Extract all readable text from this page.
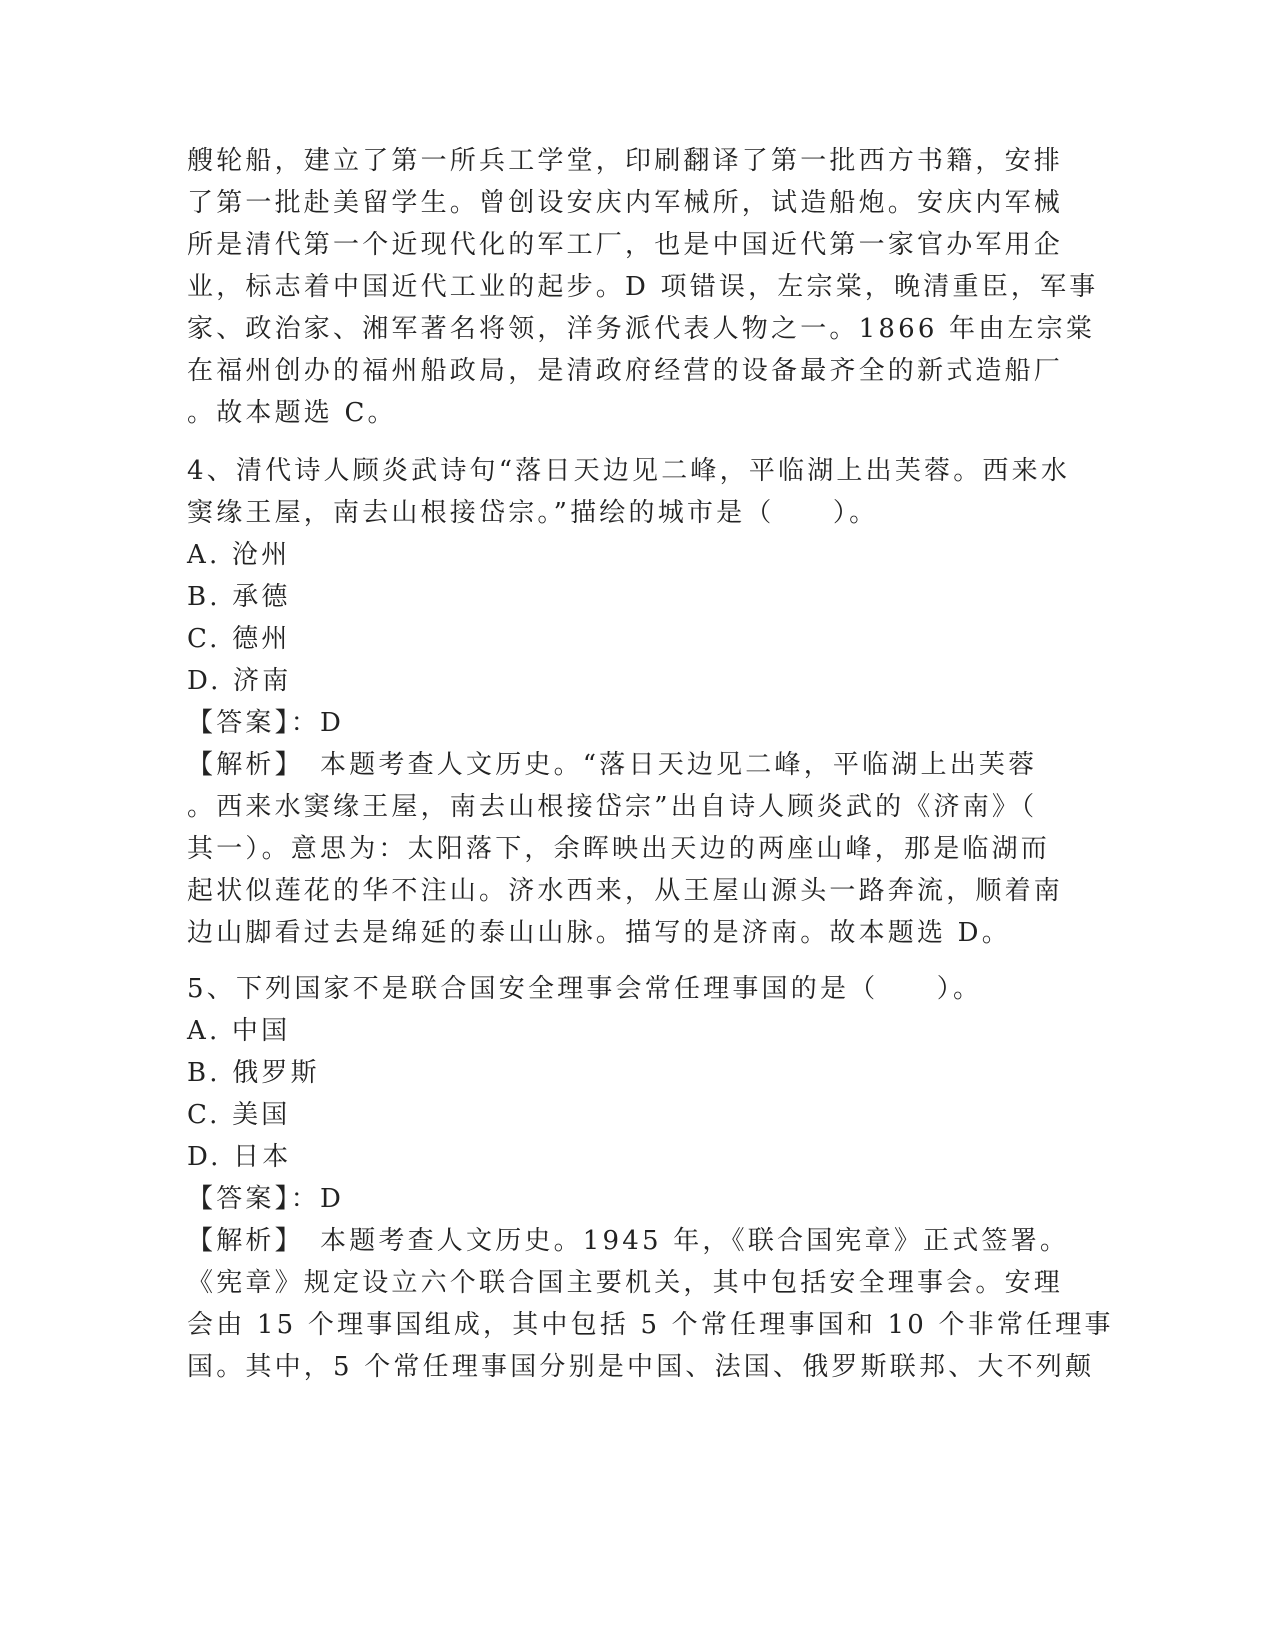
艘轮船，建立了第一所兵工学堂，印刷翻译了第一批西方书籍，安排
了第一批赴美留学生。曾创设安庆内军械所，试造船炮。安庆内军械
所是清代第一个近现代化的军工厂，也是中国近代第一家官办军用企
业，标志着中国近代工业的起步。D 项错误，左宗棠，晚清重臣，军事
家、政治家、湘军著名将领，洋务派代表人物之一。1866 年由左宗棠
在福州创办的福州船政局，是清政府经营的设备最齐全的新式造船厂
。故本题选 C。
4、清代诗人顾炎武诗句“落日天边见二峰，平临湖上出芙蓉。西来水
窦缘王屋，南去山根接岱宗。”描绘的城市是（　　）。
A. 沧州
B. 承德
C. 德州
D. 济南
【答案】：D
【解析】　本题考查人文历史。“落日天边见二峰，平临湖上出芙蓉
。西来水窦缘王屋，南去山根接岱宗”出自诗人顾炎武的《济南》（
其一）。意思为：太阳落下，余晖映出天边的两座山峰，那是临湖而
起状似莲花的华不注山。济水西来，从王屋山源头一路奔流，顺着南
边山脚看过去是绵延的泰山山脉。描写的是济南。故本题选 D。
5、下列国家不是联合国安全理事会常任理事国的是（　　）。
A. 中国
B. 俄罗斯
C. 美国
D. 日本
【答案】：D
【解析】　本题考查人文历史。1945 年，《联合国宪章》正式签署。
《宪章》规定设立六个联合国主要机关，其中包括安全理事会。安理
会由 15 个理事国组成，其中包括 5 个常任理事国和 10 个非常任理事
国。其中，5 个常任理事国分别是中国、法国、俄罗斯联邦、大不列颠
